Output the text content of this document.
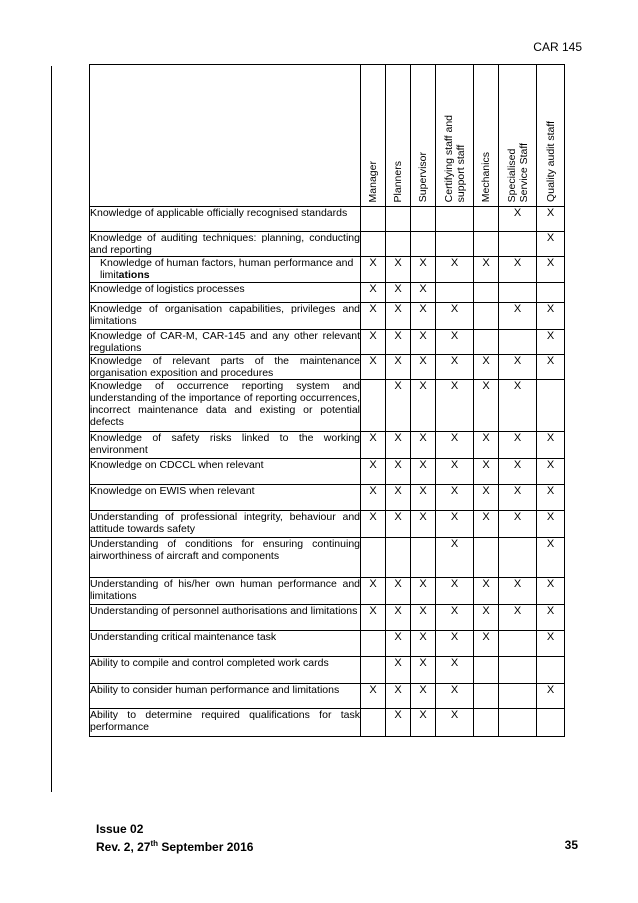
CAR 145

	Manager	Planners	Supervisor	Certifying staff and
support staff	Mechanics	Specialised
Service Staff	Quality audit staff

Knowledge of applicable officially recognised standards						X	X
Knowledge of auditing techniques: planning, conducting and reporting							X
Knowledge of human factors, human performance and limitations	X	X	X	X	X	X	X
Knowledge of logistics processes	X	X	X				
Knowledge of organisation capabilities, privileges and limitations	X	X	X	X		X	X
Knowledge of CAR-M, CAR-145 and any other relevant regulations	X	X	X	X			X
Knowledge of relevant parts of the maintenance organisation exposition and procedures	X	X	X	X	X	X	X
Knowledge of occurrence reporting system and understanding of the importance of reporting occurrences, incorrect maintenance data and existing or potential defects		X	X	X	X	X	
Knowledge of safety risks linked to the working environment	X	X	X	X	X	X	X
Knowledge on CDCCL when relevant	X	X	X	X	X	X	X
Knowledge on EWIS when relevant	X	X	X	X	X	X	X
Understanding of professional integrity, behaviour and attitude towards safety	X	X	X	X	X	X	X
Understanding of conditions for ensuring continuing airworthiness of aircraft and components				X			X
Understanding of his/her own human performance and limitations	X	X	X	X	X	X	X
Understanding of personnel authorisations and limitations	X	X	X	X	X	X	X
Understanding critical maintenance task		X	X	X	X		X
Ability to compile and control completed work cards		X	X	X			
Ability to consider human performance and limitations	X	X	X	X			X
Ability to determine required qualifications for task performance		X	X	X			
Issue 02
Rev. 2, 27th September 2016	35
